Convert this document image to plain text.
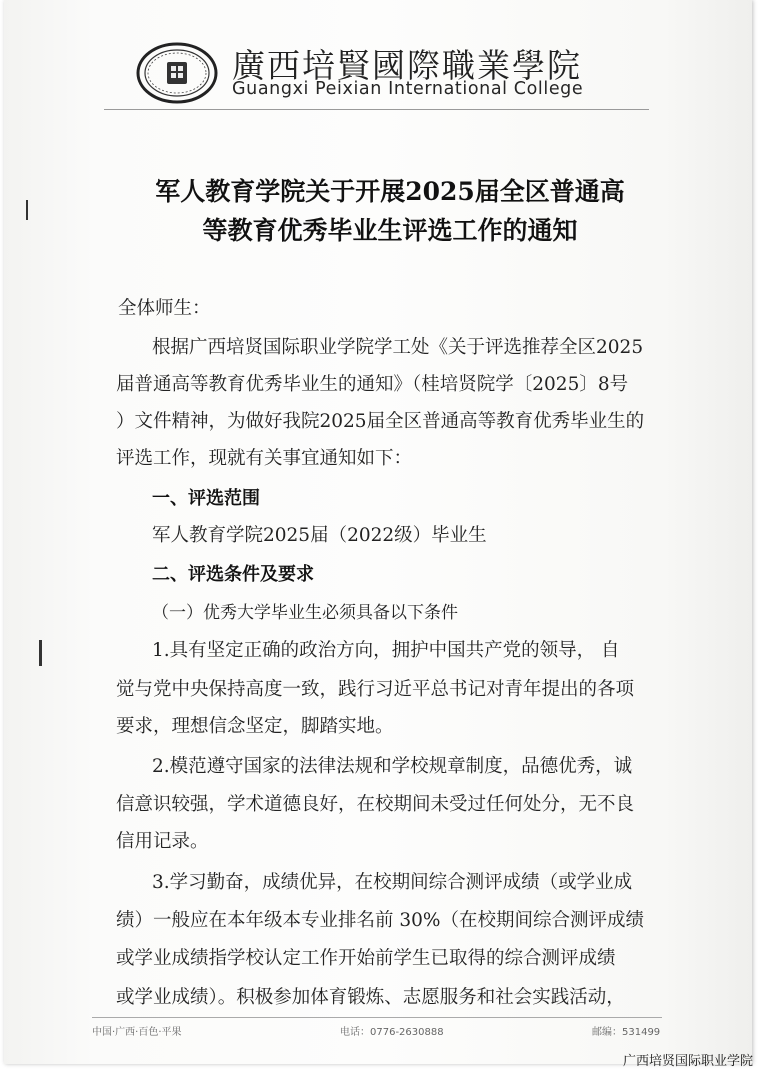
廣西培賢國際職業學院
Guangxi Peixian International College
军人教育学院关于开展2025届全区普通高
等教育优秀毕业生评选工作的通知
全体师生：
根据广西培贤国际职业学院学工处《关于评选推荐全区2025
届普通高等教育优秀毕业生的通知》（桂培贤院学〔2025〕8号
）文件精神，为做好我院2025届全区普通高等教育优秀毕业生的
评选工作，现就有关事宜通知如下：
一、评选范围
军人教育学院2025届（2022级）毕业生
二、评选条件及要求
（一）优秀大学毕业生必须具备以下条件
1.具有坚定正确的政治方向，拥护中国共产党的领导， 自
觉与党中央保持高度一致，践行习近平总书记对青年提出的各项
要求，理想信念坚定，脚踏实地。
2.模范遵守国家的法律法规和学校规章制度，品德优秀，诚
信意识较强，学术道德良好，在校期间未受过任何处分，无不良
信用记录。
3.学习勤奋，成绩优异，在校期间综合测评成绩（或学业成
绩）一般应在本年级本专业排名前 30%（在校期间综合测评成绩
或学业成绩指学校认定工作开始前学生已取得的综合测评成绩
或学业成绩）。积极参加体育锻炼、志愿服务和社会实践活动，
中国·广西·百色·平果	电话：0776-2630888	邮编：531499
广西培贤国际职业学院
